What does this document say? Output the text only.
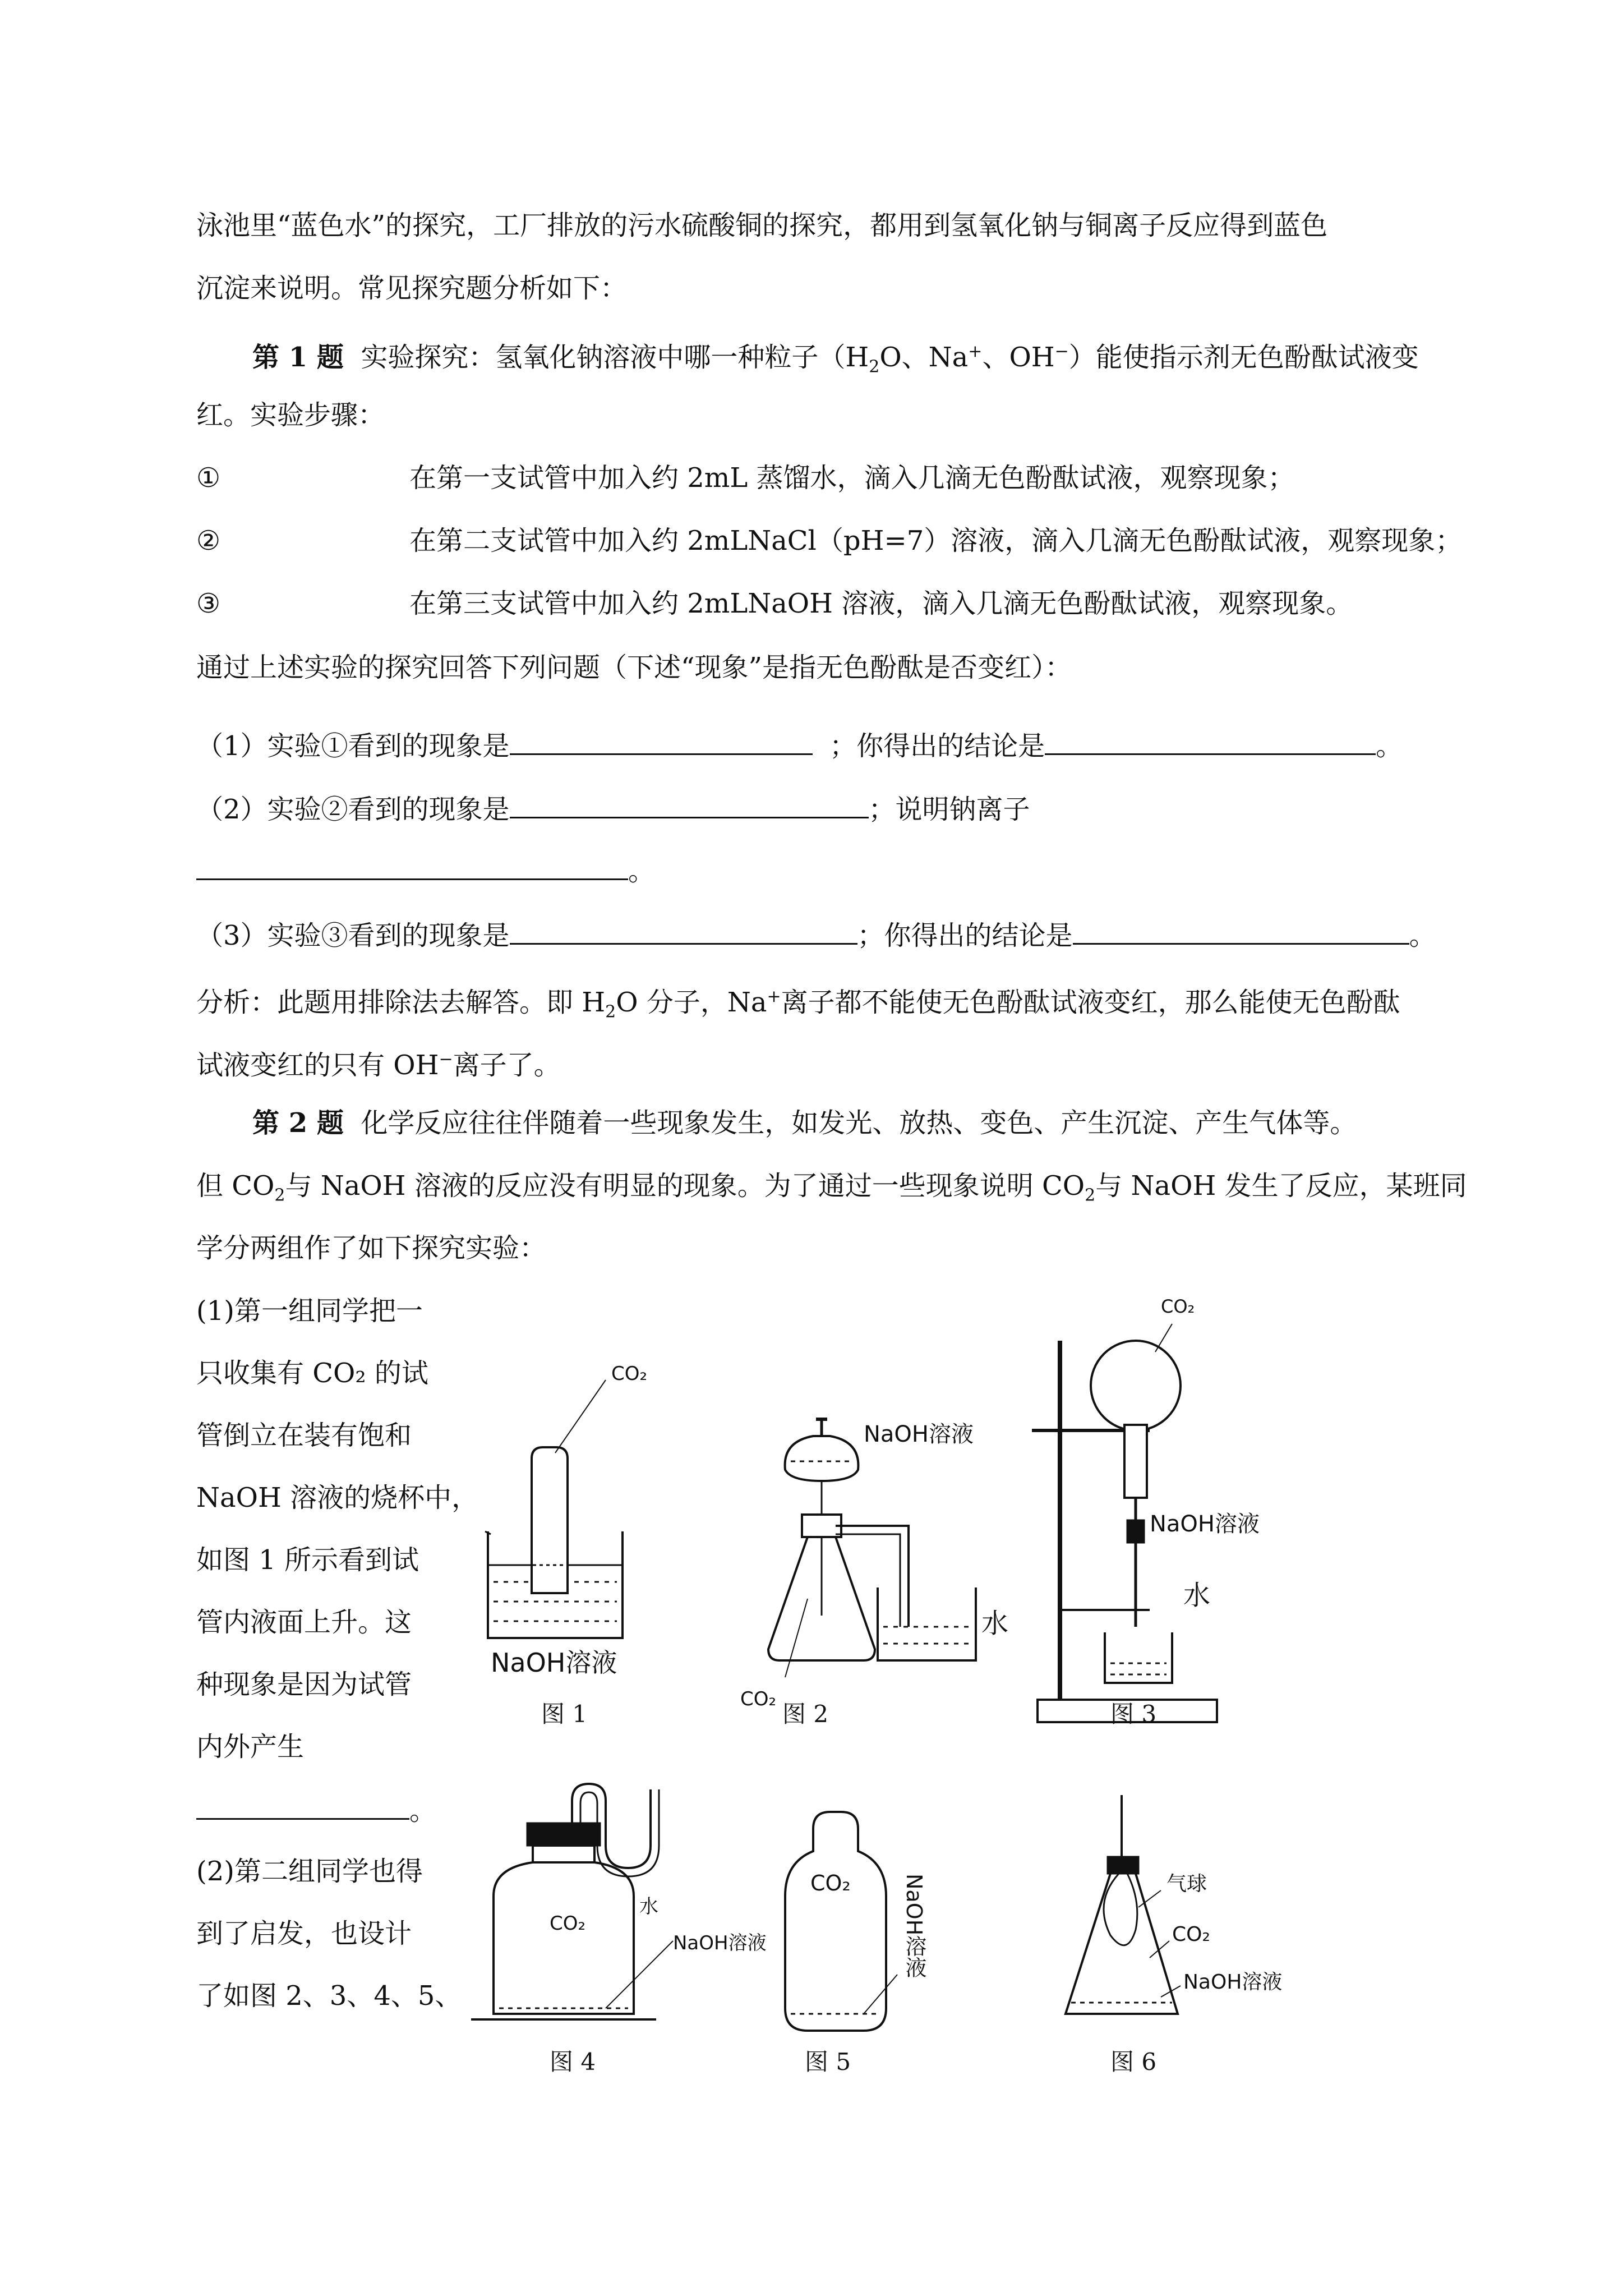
泳池里“蓝色水”的探究，工厂排放的污水硫酸铜的探究，都用到氢氧化钠与铜离子反应得到蓝色
沉淀来说明。常见探究题分析如下：
第 1 题 实验探究：氢氧化钠溶液中哪一种粒子（$H_2O$、Na+、OH−）能使指示剂无色酚酞试液变
红。实验步骤：
①	在第一支试管中加入约 2mL 蒸馏水，滴入几滴无色酚酞试液，观察现象；
②	在第二支试管中加入约 2mLNaCl（pH=7）溶液，滴入几滴无色酚酞试液，观察现象；
③	在第三支试管中加入约 2mLNaOH 溶液，滴入几滴无色酚酞试液，观察现象。
通过上述实验的探究回答下列问题（下述“现象”是指无色酚酞是否变红）：
（1）实验①看到的现象是	；你得出的结论是	。
（2）实验②看到的现象是	；说明钠离子
。
（3）实验③看到的现象是	；你得出的结论是	。
分析：此题用排除法去解答。即 $H_2O$ 分子，Na+离子都不能使无色酚酞试液变红，那么能使无色酚酞
试液变红的只有 OH−离子了。
第 2 题 化学反应往往伴随着一些现象发生，如发光、放热、变色、产生沉淀、产生气体等。
但 $CO_2$与 NaOH 溶液的反应没有明显的现象。为了通过一些现象说明 $CO_2$与 NaOH 发生了反应，某班同
学分两组作了如下探究实验：
(1)第一组同学把一
只收集有 CO₂ 的试
管倒立在装有饱和
NaOH 溶液的烧杯中，
如图 1 所示看到试
管内液面上升。这
种现象是因为试管
内外产生
。
(2)第二组同学也得
到了启发，也设计
了如图 2、3、4、5、
CO₂
NaOH溶液
图 1
NaOH溶液
水
CO₂
图 2
CO₂
NaOH溶液
水
图 3
CO₂
水
NaOH溶液
图 4
CO₂ NaOH溶液
图 5
气球
CO₂
NaOH溶液
图 6
